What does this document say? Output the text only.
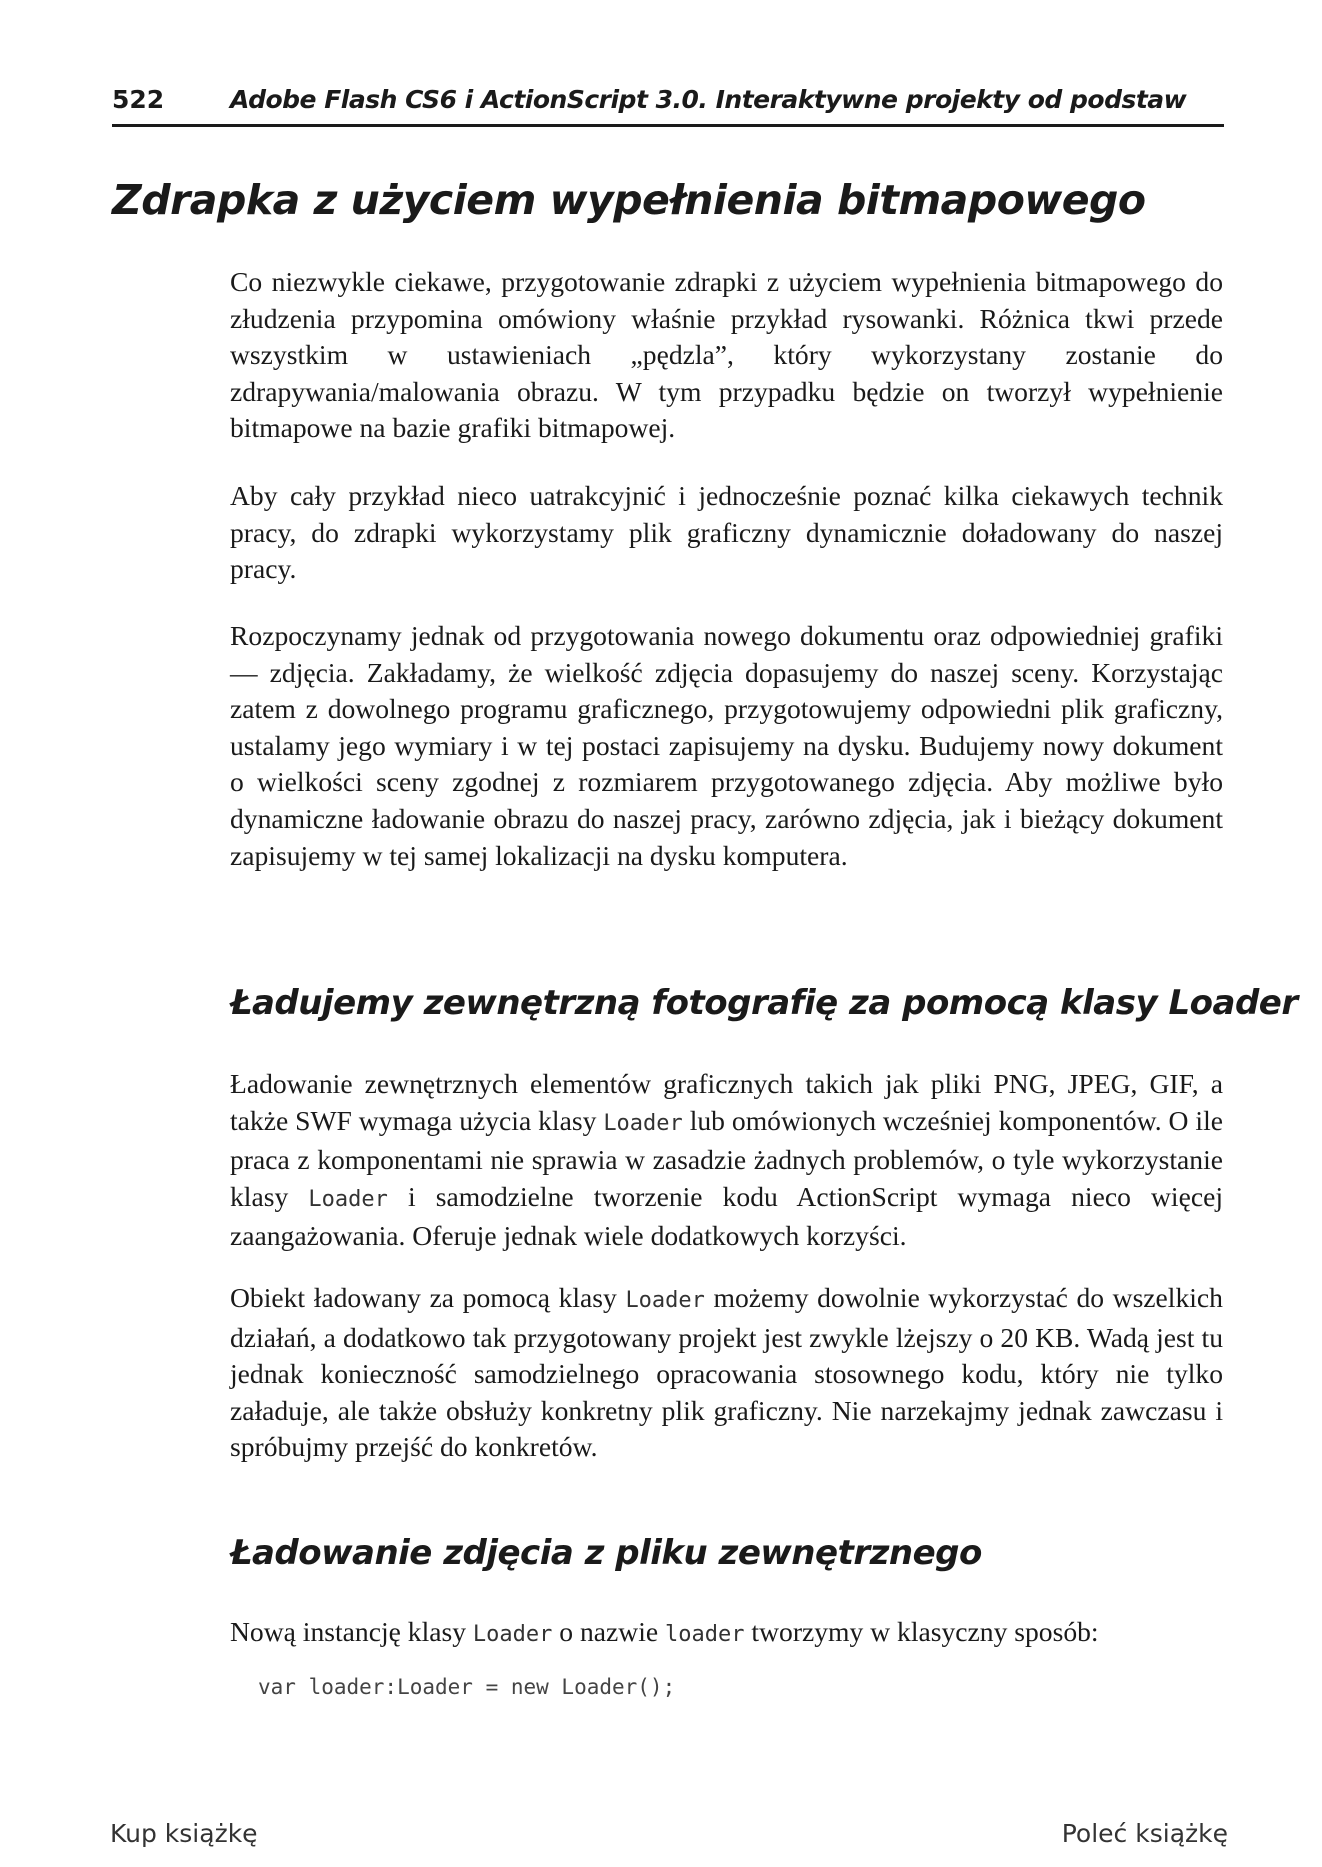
522	Adobe Flash CS6 i ActionScript 3.0. Interaktywne projekty od podstaw
Zdrapka z użyciem wypełnienia bitmapowego

Co niezwykle ciekawe, przygotowanie zdrapki z użyciem wypełnienia bitmapowego do złudzenia przypomina omówiony właśnie przykład rysowanki. Różnica tkwi przede wszystkim w ustawieniach „pędzla”, który wykorzystany zostanie do zdrapywania/malowania obrazu. W tym przypadku będzie on tworzył wypełnienie bitmapowe na bazie grafiki bitmapowej.

Aby cały przykład nieco uatrakcyjnić i jednocześnie poznać kilka ciekawych technik pracy, do zdrapki wykorzystamy plik graficzny dynamicznie doładowany do naszej pracy.

Rozpoczynamy jednak od przygotowania nowego dokumentu oraz odpowiedniej grafiki — zdjęcia. Zakładamy, że wielkość zdjęcia dopasujemy do naszej sceny. Korzystając zatem z dowolnego programu graficznego, przygotowujemy odpowiedni plik graficzny, ustalamy jego wymiary i w tej postaci zapisujemy na dysku. Budujemy nowy dokument o wielkości sceny zgodnej z rozmiarem przygotowanego zdjęcia. Aby możliwe było dynamiczne ładowanie obrazu do naszej pracy, zarówno zdjęcia, jak i bieżący dokument zapisujemy w tej samej lokalizacji na dysku komputera.

Ładujemy zewnętrzną fotografię za pomocą klasy Loader

Ładowanie zewnętrznych elementów graficznych takich jak pliki PNG, JPEG, GIF, a także SWF wymaga użycia klasy Loader lub omówionych wcześniej komponentów. O ile praca z komponentami nie sprawia w zasadzie żadnych problemów, o tyle wykorzystanie klasy Loader i samodzielne tworzenie kodu ActionScript wymaga nieco więcej zaangażowania. Oferuje jednak wiele dodatkowych korzyści.

Obiekt ładowany za pomocą klasy Loader możemy dowolnie wykorzystać do wszelkich działań, a dodatkowo tak przygotowany projekt jest zwykle lżejszy o 20 KB. Wadą jest tu jednak konieczność samodzielnego opracowania stosownego kodu, który nie tylko załaduje, ale także obsłuży konkretny plik graficzny. Nie narzekajmy jednak zawczasu i spróbujmy przejść do konkretów.

Ładowanie zdjęcia z pliku zewnętrznego

Nową instancję klasy Loader o nazwie loader tworzymy w klasyczny sposób:

var loader:Loader = new Loader();
Kup książkę	Poleć książkę
